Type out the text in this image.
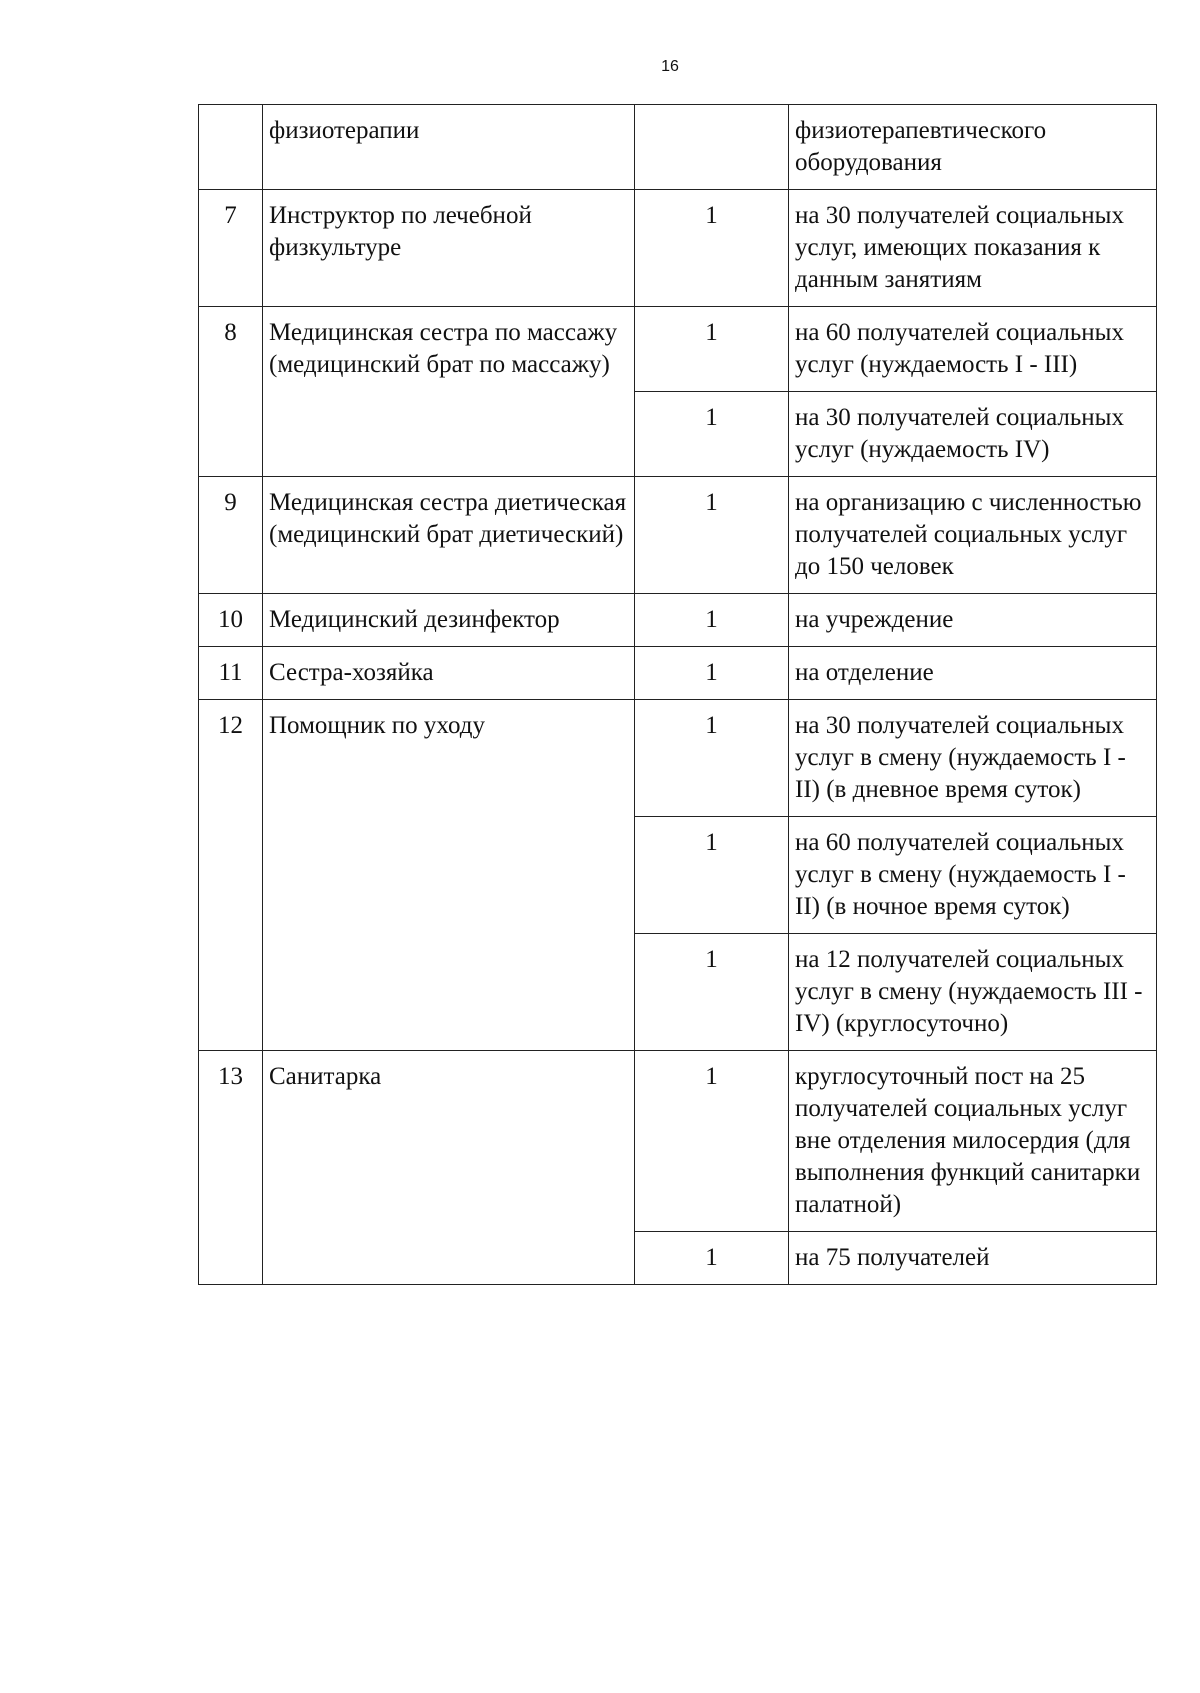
16
	физиотерапии		физиотерапевтического оборудования
7	Инструктор по лечебной физкультуре	1	на 30 получателей социальных услуг, имеющих показания к данным занятиям
8	Медицинская сестра по массажу (медицинский брат по массажу)	1	на 60 получателей социальных услуг (нуждаемость I - III)
		1	на 30 получателей социальных услуг (нуждаемость IV)
9	Медицинская сестра диетическая (медицинский брат диетический)	1	на организацию с численностью получателей социальных услуг до 150 человек
10	Медицинский дезинфектор	1	на учреждение
11	Сестра-хозяйка	1	на отделение
12	Помощник по уходу	1	на 30 получателей социальных услуг в смену (нуждаемость I - II) (в дневное время суток)
		1	на 60 получателей социальных услуг в смену (нуждаемость I - II) (в ночное время суток)
		1	на 12 получателей социальных услуг в смену (нуждаемость III - IV) (круглосуточно)
13	Санитарка	1	круглосуточный пост на 25 получателей социальных услуг вне отделения милосердия (для выполнения функций санитарки палатной)
		1	на 75 получателей
